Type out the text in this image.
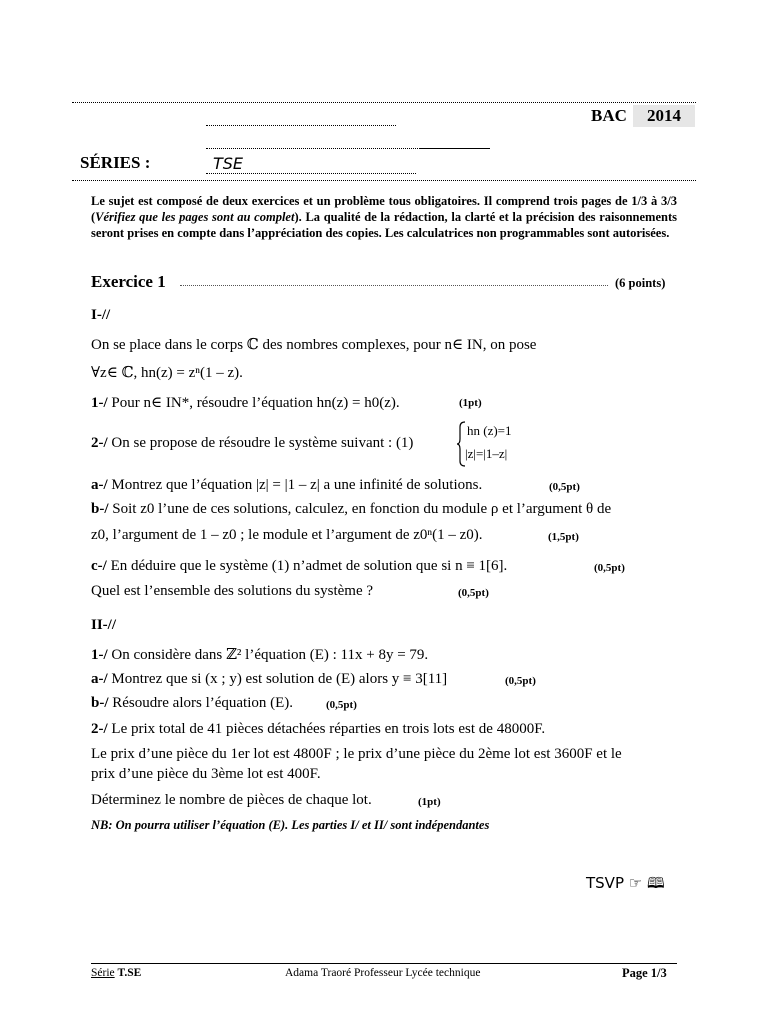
BAC	2014
SÉRIES :	TSE
Le sujet est composé de deux exercices et un problème tous obligatoires. Il comprend trois pages de 1/3 à 3/3 (Vérifiez que les pages sont au complet). La qualité de la rédaction, la clarté et la précision des raisonnements seront prises en compte dans l’appréciation des copies. Les calculatrices non programmables sont autorisées.
Exercice 1	(6 points)
I-//
On se place dans le corps ℂ des nombres complexes, pour n∈ IN, on pose
∀z∈ ℂ, hn(z) = zⁿ(1 – z).
1-/ Pour n∈ IN*, résoudre l’équation hn(z) = h0(z).	(1pt)
2-/ On se propose de résoudre le système suivant : (1)
hn (z)=1
|z|=|1–z|
a-/ Montrez que l’équation |z| = |1 – z| a une infinité de solutions.	(0,5pt)
b-/ Soit z0 l’une de ces solutions, calculez, en fonction du module ρ et l’argument θ de
z0, l’argument de 1 – z0 ; le module et l’argument de z0ⁿ(1 – z0).	(1,5pt)
c-/ En déduire que le système (1) n’admet de solution que si n ≡ 1[6].	(0,5pt)
Quel est l’ensemble des solutions du système ?	(0,5pt)
II-//
1-/ On considère dans ℤ² l’équation (E) : 11x + 8y = 79.
a-/ Montrez que si (x ; y) est solution de (E) alors y ≡ 3[11]	(0,5pt)
b-/ Résoudre alors l’équation (E).	(0,5pt)
2-/ Le prix total de 41 pièces détachées réparties en trois lots est de 48000F.
Le prix d’une pièce du 1er lot est 4800F ; le prix d’une pièce du 2ème lot est 3600F et le
prix d’une pièce du 3ème lot est 400F.
Déterminez le nombre de pièces de chaque lot.	(1pt)
NB: On pourra utiliser l’équation (E). Les parties I/ et II/ sont indépendantes
TSVP ☞ 🕮
Série T.SE	Adama Traoré Professeur Lycée technique	Page 1/3
